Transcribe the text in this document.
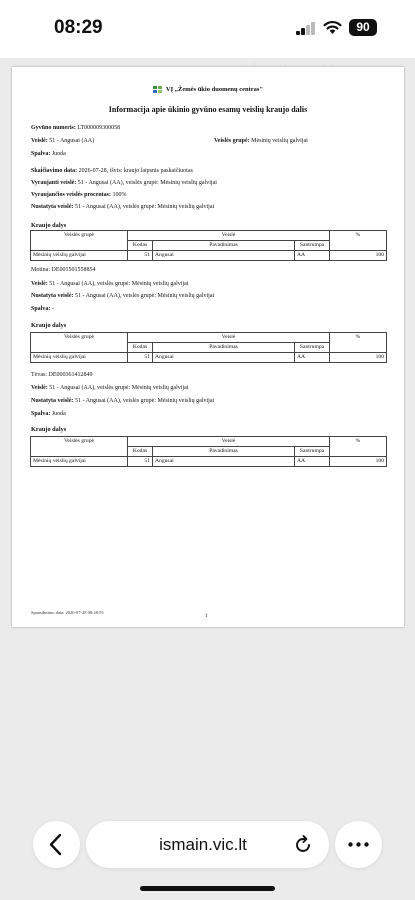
08:29	90
VĮ „Žemės ūkio duomenų centras"
Informacija apie ūkinio gyvūno esamų veislių kraujo dalis
Gyvūno numeris: LT000009300058
Veislė: 51 - Angusai (AA)	Veislės grupė: Mėsinių veislių galvijai
Spalva: Juoda
Skaičiavimo data: 2026-07-28, išvis: kraujo laipsnis paskaičiuotas
Vyraujanti veislė: 51 - Angusai (AA), veislės grupė: Mėsinių veislių galvijai
Vyraujančios veislės procentas: 100%
Nustatyta veislė: 51 - Angusai (AA), veislės grupė: Mėsinių veislių galvijai
Kraujo dalys
Veislės grupė	Veislė			%
	Kodas	Pavadinimas	Santrumpa	
Mėsinių veislių galvijai	51	Angusai	AA	100
Motina: DE001501558854
Veislė: 51 - Angusai (AA), veislės grupė: Mėsinių veislių galvijai
Nustatyta veislė: 51 - Angusai (AA), veislės grupė: Mėsinių veislių galvijai
Spalva: -
Kraujo dalys
Veislės grupė	Veislė			%
	Kodas	Pavadinimas	Santrumpa	
Mėsinių veislių galvijai	51	Angusai	AA	100
Tėvas: DE000361412849
Veislė: 51 - Angusai (AA), veislės grupė: Mėsinių veislių galvijai
Nustatyta veislė: 51 - Angusai (AA), veislės grupė: Mėsinių veislių galvijai
Spalva: Juoda
Kraujo dalys
Veislės grupė	Veislė			%
	Kodas	Pavadinimas	Santrumpa	
Mėsinių veislių galvijai	51	Angusai	AA	100
Spausdinimo data: 2026-07-28 08:28:55
1
ismain.vic.lt
